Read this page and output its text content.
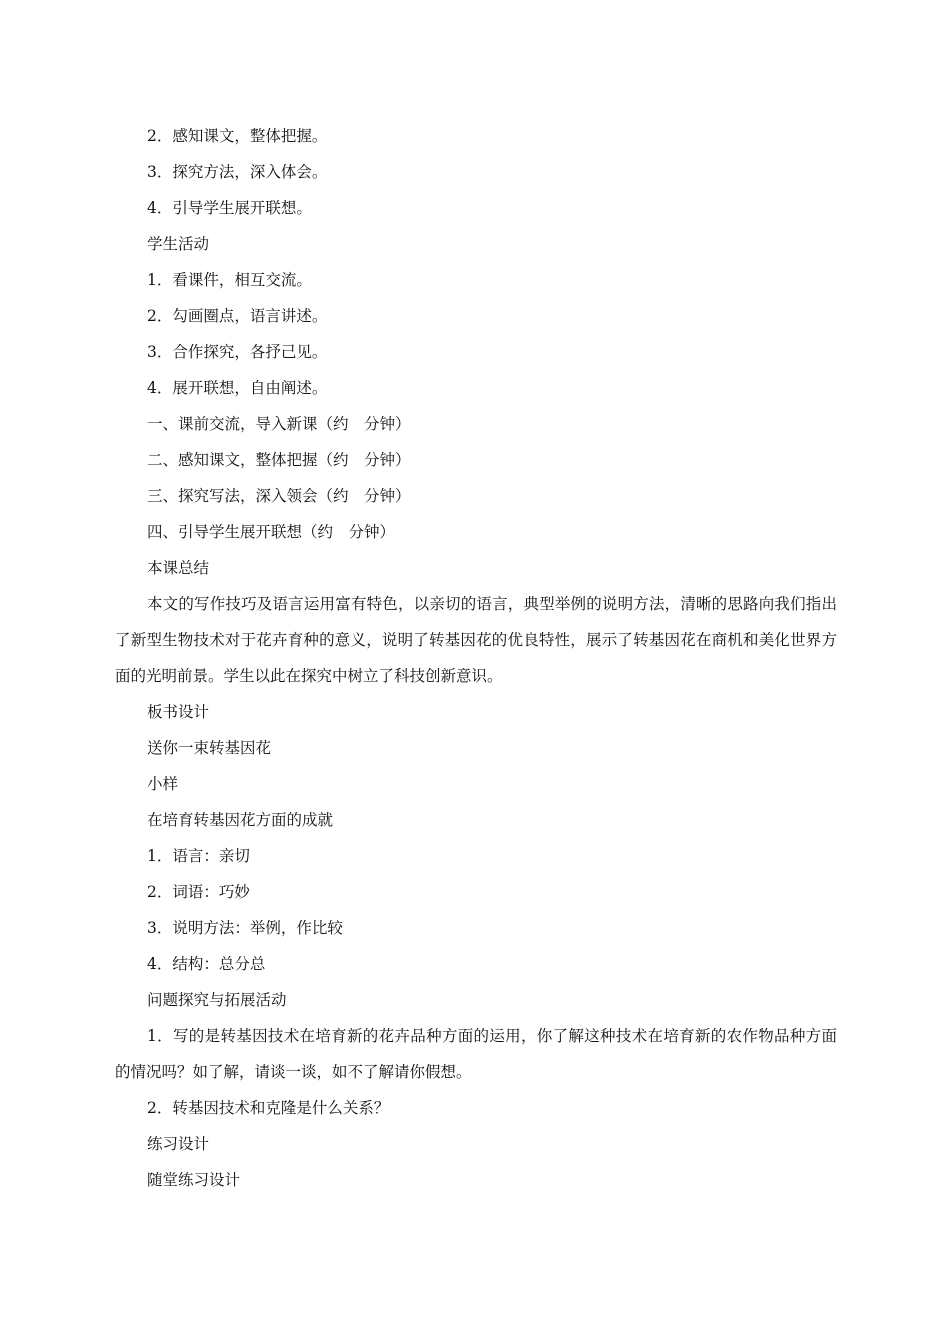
2．感知课文，整体把握。
3．探究方法，深入体会。
4．引导学生展开联想。
学生活动
1．看课件，相互交流。
2．勾画圈点，语言讲述。
3．合作探究，各抒己见。
4．展开联想，自由阐述。
一、课前交流，导入新课（约　分钟）
二、感知课文，整体把握（约　分钟）
三、探究写法，深入领会（约　分钟）
四、引导学生展开联想（约　分钟）
本课总结

本文的写作技巧及语言运用富有特色，以亲切的语言，典型举例的说明方法，清晰的思路向我们指出了新型生物技术对于花卉育种的意义，说明了转基因花的优良特性，展示了转基因花在商机和美化世界方面的光明前景。学生以此在探究中树立了科技创新意识。

板书设计
送你一束转基因花
小样
在培育转基因花方面的成就
1．语言：亲切
2．词语：巧妙
3．说明方法：举例，作比较
4．结构：总分总
问题探究与拓展活动

1．写的是转基因技术在培育新的花卉品种方面的运用，你了解这种技术在培育新的农作物品种方面的情况吗？如了解，请谈一谈，如不了解请你假想。

2．转基因技术和克隆是什么关系？
练习设计
随堂练习设计
